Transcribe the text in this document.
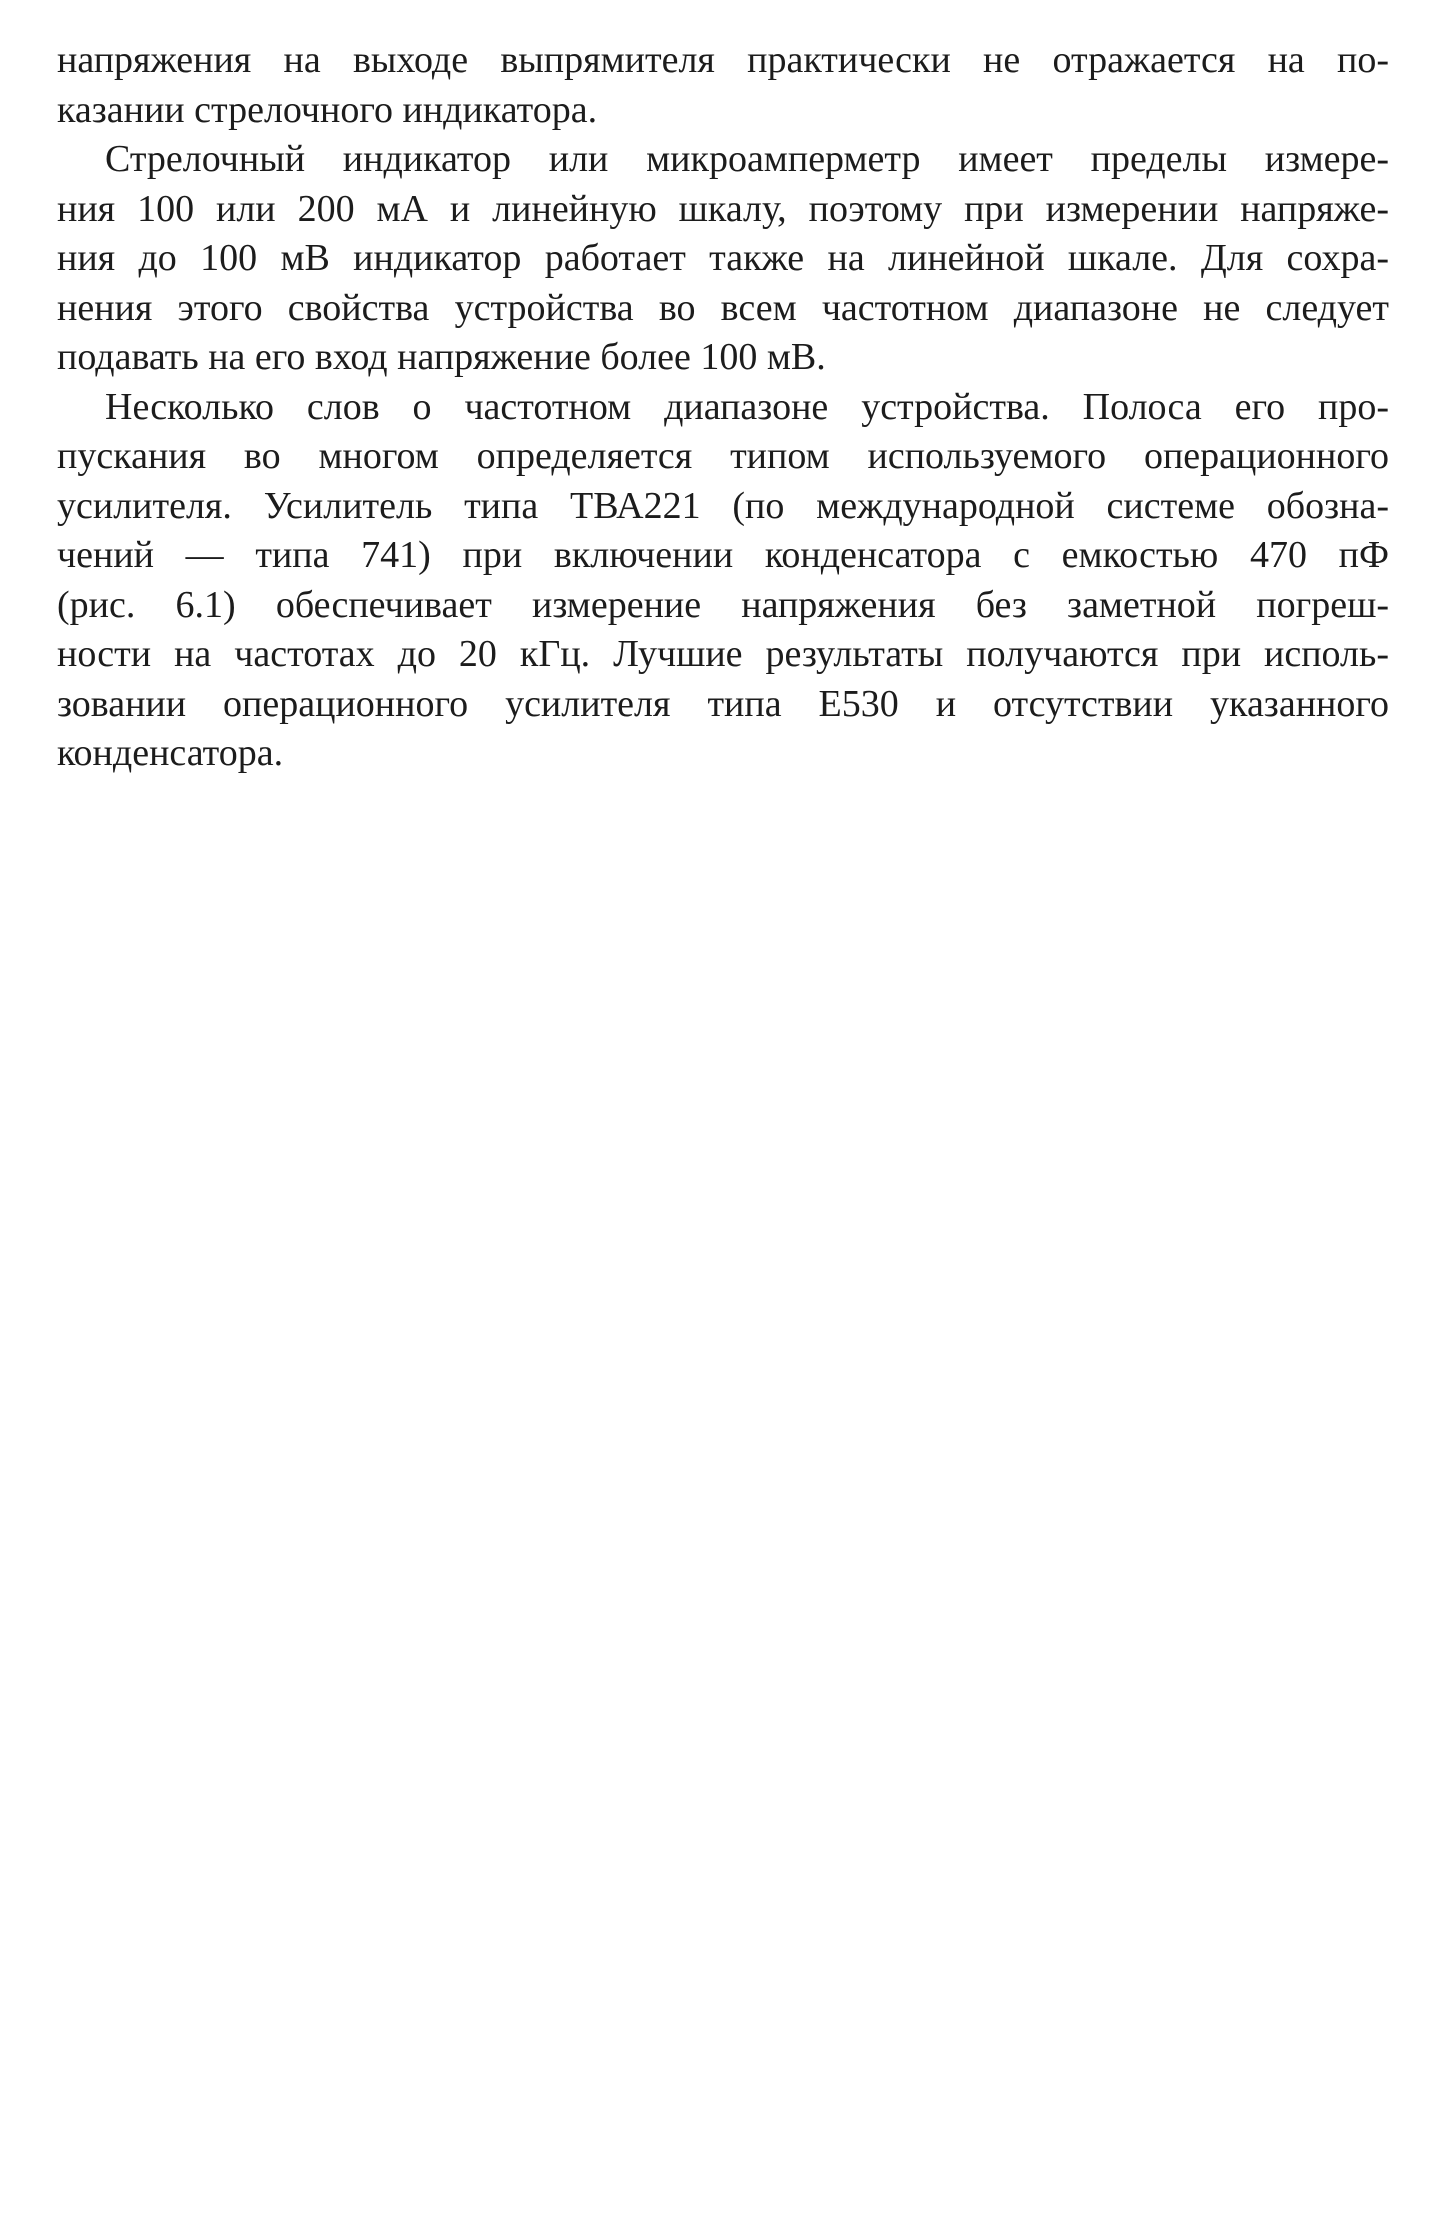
напряжения на выходе выпрямителя практически не отражается на по-
казании стрелочного индикатора.
Стрелочный индикатор или микроамперметр имеет пределы измере-
ния 100 или 200 мА и линейную шкалу, поэтому при измерении напряже-
ния до 100 мВ индикатор работает также на линейной шкале. Для сохра-
нения этого свойства устройства во всем частотном диапазоне не следует
подавать на его вход напряжение более 100 мВ.
Несколько слов о частотном диапазоне устройства. Полоса его про-
пускания во многом определяется типом используемого операционного
усилителя. Усилитель типа ТВА221 (по международной системе обозна-
чений — типа 741) при включении конденсатора с емкостью 470 пФ
(рис. 6.1) обеспечивает измерение напряжения без заметной погреш-
ности на частотах до 20 кГц. Лучшие результаты получаются при исполь-
зовании операционного усилителя типа Е530 и отсутствии указанного
конденсатора.
